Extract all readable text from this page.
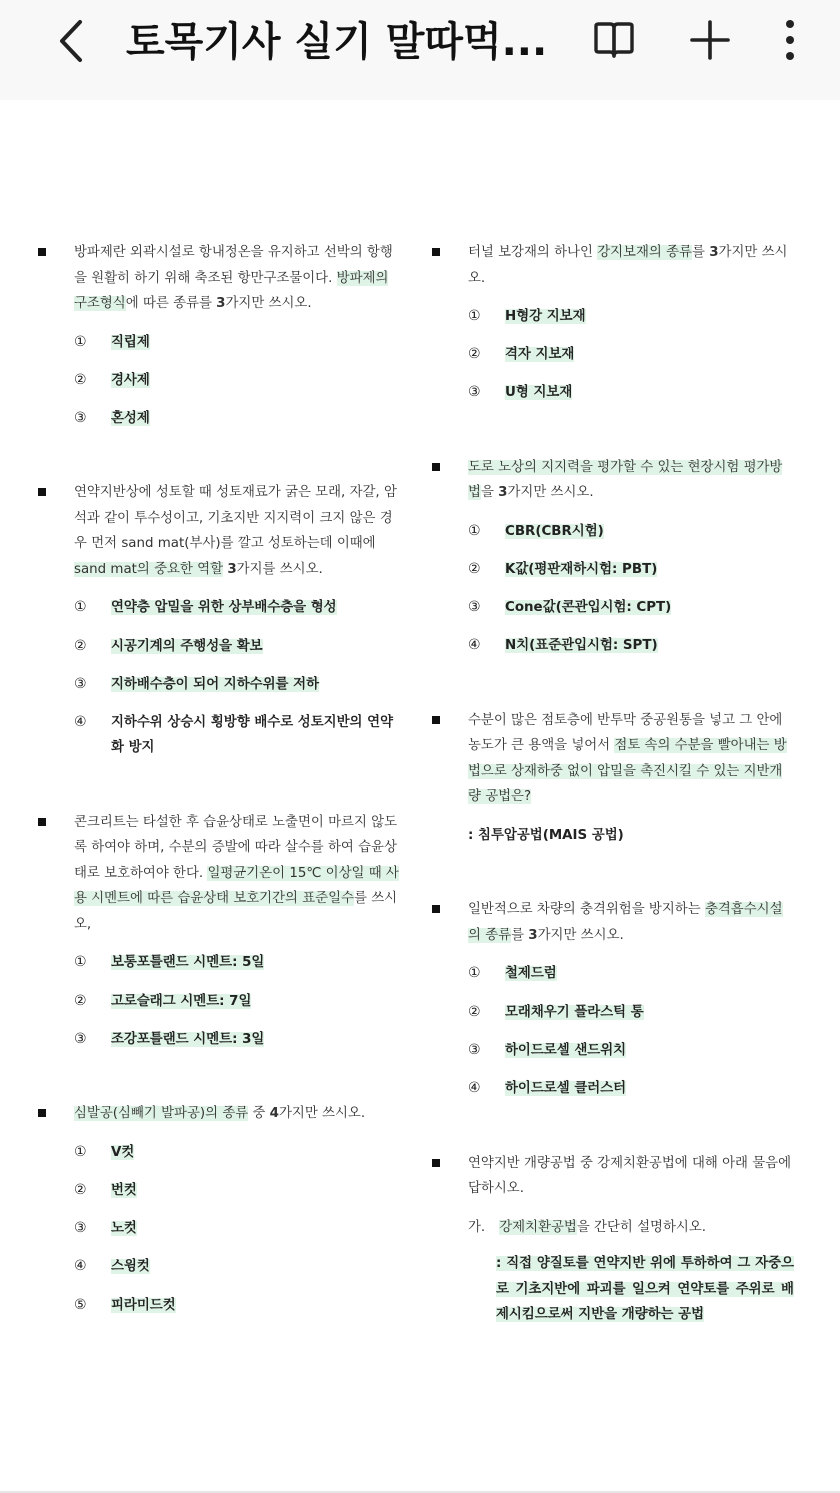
토목기사 실기 말따먹...
방파제란 외곽시설로 항내정온을 유지하고 선박의 항행을 원활히 하기 위해 축조된 항만구조물이다. 방파제의 구조형식에 따른 종류를 3가지만 쓰시오.
① 직립제
② 경사제
③ 혼성제
연약지반상에 성토할 때 성토재료가 굵은 모래, 자갈, 암석과 같이 투수성이고, 기초지반 지지력이 크지 않은 경우 먼저 sand mat(부사)를 깔고 성토하는데 이때에 sand mat의 중요한 역할 3가지를 쓰시오.
① 연약층 압밀을 위한 상부배수층을 형성
② 시공기계의 주행성을 확보
③ 지하배수층이 되어 지하수위를 저하
④ 지하수위 상승시 횡방향 배수로 성토지반의 연약화 방지
콘크리트는 타설한 후 습윤상태로 노출면이 마르지 않도록 하여야 하며, 수분의 증발에 따라 살수를 하여 습윤상태로 보호하여야 한다. 일평균기온이 15℃ 이상일 때 사용 시멘트에 따른 습윤상태 보호기간의 표준일수를 쓰시오,
① 보통포틀랜드 시멘트: 5일
② 고로슬래그 시멘트: 7일
③ 조강포틀랜드 시멘트: 3일
심발공(심빼기 발파공)의 종류 중 4가지만 쓰시오.
① V컷
② 번컷
③ 노컷
④ 스윙컷
⑤ 피라미드컷
터널 보강재의 하나인 강지보재의 종류를 3가지만 쓰시오.
① H형강 지보재
② 격자 지보재
③ U형 지보재
도로 노상의 지지력을 평가할 수 있는 현장시험 평가방법을 3가지만 쓰시오.
① CBR(CBR시험)
② K값(평판재하시험: PBT)
③ Cone값(콘관입시험: CPT)
④ N치(표준관입시험: SPT)
수분이 많은 점토층에 반투막 중공원통을 넣고 그 안에 농도가 큰 용액을 넣어서 점토 속의 수분을 빨아내는 방법으로 상재하중 없이 압밀을 촉진시킬 수 있는 지반개량 공법은?
: 침투압공법(MAIS 공법)
일반적으로 차량의 충격위험을 방지하는 충격흡수시설의 종류를 3가지만 쓰시오.
① 철제드럼
② 모래채우기 플라스틱 통
③ 하이드로셀 샌드위치
④ 하이드로셀 클러스터
연약지반 개량공법 중 강제치환공법에 대해 아래 물음에 답하시오.
가. 강제치환공법을 간단히 설명하시오.
: 직접 양질토를 연약지반 위에 투하하여 그 자중으로 기초지반에 파괴를 일으켜 연약토를 주위로 배제시킴으로써 지반을 개량하는 공법
